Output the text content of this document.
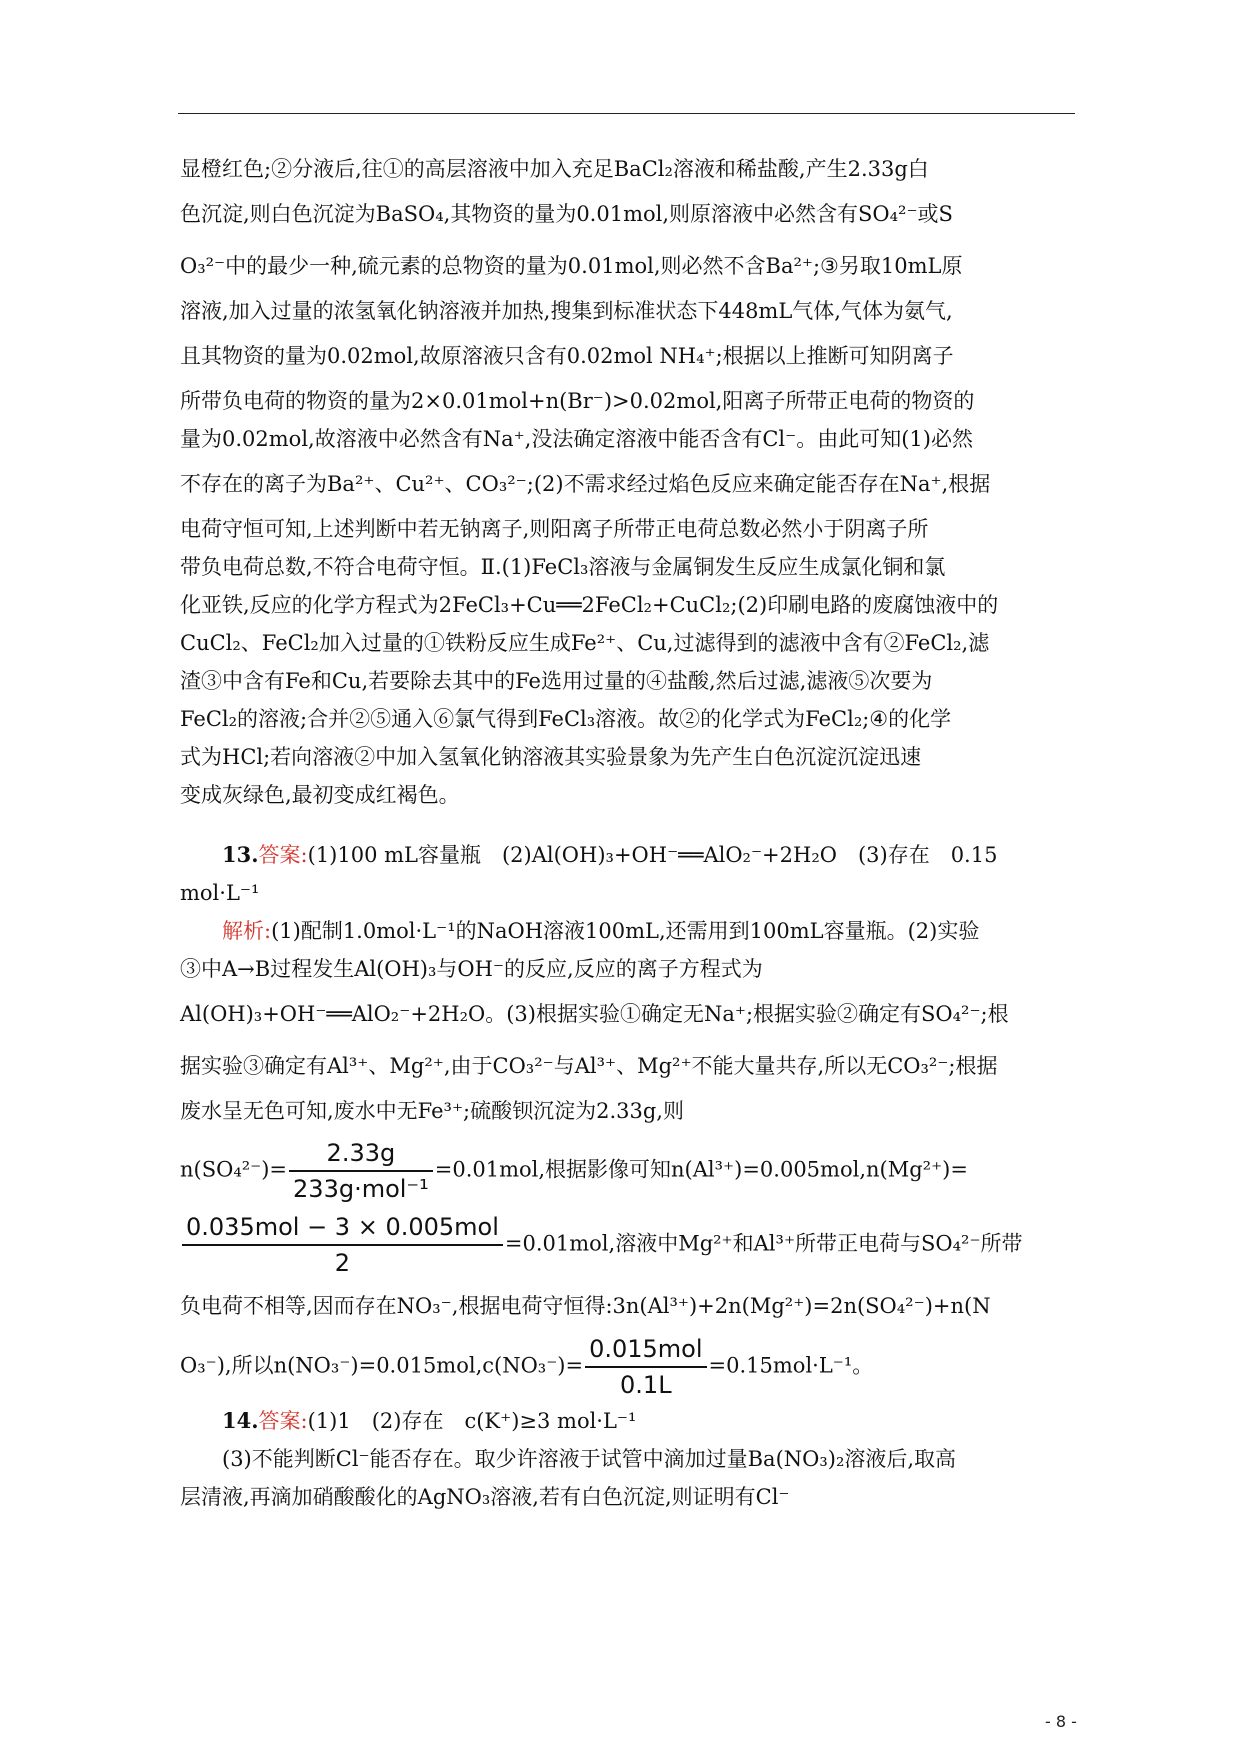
显橙红色;②分液后,往①的高层溶液中加入充足BaCl₂溶液和稀盐酸,产生2.33g白

色沉淀,则白色沉淀为BaSO₄,其物资的量为0.01mol,则原溶液中必然含有SO₄²⁻或S

O₃²⁻中的最少一种,硫元素的总物资的量为0.01mol,则必然不含Ba²⁺;③另取10mL原

溶液,加入过量的浓氢氧化钠溶液并加热,搜集到标准状态下448mL气体,气体为氨气,

且其物资的量为0.02mol,故原溶液只含有0.02mol NH₄⁺;根据以上推断可知阴离子

所带负电荷的物资的量为2×0.01mol+n(Br⁻)>0.02mol,阳离子所带正电荷的物资的

量为0.02mol,故溶液中必然含有Na⁺,没法确定溶液中能否含有Cl⁻。由此可知(1)必然

不存在的离子为Ba²⁺、Cu²⁺、CO₃²⁻;(2)不需求经过焰色反应来确定能否存在Na⁺,根据

电荷守恒可知,上述判断中若无钠离子,则阳离子所带正电荷总数必然小于阴离子所

带负电荷总数,不符合电荷守恒。Ⅱ.(1)FeCl₃溶液与金属铜发生反应生成氯化铜和氯

化亚铁,反应的化学方程式为2FeCl₃+Cu══2FeCl₂+CuCl₂;(2)印刷电路的废腐蚀液中的

CuCl₂、FeCl₂加入过量的①铁粉反应生成Fe²⁺、Cu,过滤得到的滤液中含有②FeCl₂,滤

渣③中含有Fe和Cu,若要除去其中的Fe选用过量的④盐酸,然后过滤,滤液⑤次要为

FeCl₂的溶液;合并②⑤通入⑥氯气得到FeCl₃溶液。故②的化学式为FeCl₂;④的化学

式为HCl;若向溶液②中加入氢氧化钠溶液其实验景象为先产生白色沉淀沉淀迅速

变成灰绿色,最初变成红褐色。

13.答案:(1)100 mL容量瓶　(2)Al(OH)₃+OH⁻══AlO₂⁻+2H₂O　(3)存在　0.15

mol·L⁻¹

解析:(1)配制1.0mol·L⁻¹的NaOH溶液100mL,还需用到100mL容量瓶。(2)实验

③中A→B过程发生Al(OH)₃与OH⁻的反应,反应的离子方程式为

Al(OH)₃+OH⁻══AlO₂⁻+2H₂O。(3)根据实验①确定无Na⁺;根据实验②确定有SO₄²⁻;根

据实验③确定有Al³⁺、Mg²⁺,由于CO₃²⁻与Al³⁺、Mg²⁺不能大量共存,所以无CO₃²⁻;根据

废水呈无色可知,废水中无Fe³⁺;硫酸钡沉淀为2.33g,则

$n(SO_4^{2-})= \frac{2.33g}{\text{233g·mol⁻¹}} =0.01mol$,根据影像可知n(Al³⁺)=0.005mol,n(Mg²⁺)=

$\frac{\text{0.035mol − 3 × 0.005mol}}{2} =0.01mol$,溶液中Mg²⁺和Al³⁺所带正电荷与SO₄²⁻所带

负电荷不相等,因而存在NO₃⁻,根据电荷守恒得:3n(Al³⁺)+2n(Mg²⁺)=2n(SO₄²⁻)+n(N

O₃⁻),所以$n(NO_3^-)=0.015mol,c(NO_3^-)= \frac{\text{0.015mol}}{0.1L} =0.15mol\cdot L^{-1}$。

14.答案:(1)1　(2)存在　c(K⁺)≥3 mol·L⁻¹

(3)不能判断Cl⁻能否存在。取少许溶液于试管中滴加过量Ba(NO₃)₂溶液后,取高

层清液,再滴加硝酸酸化的AgNO₃溶液,若有白色沉淀,则证明有Cl⁻

- 8 -
